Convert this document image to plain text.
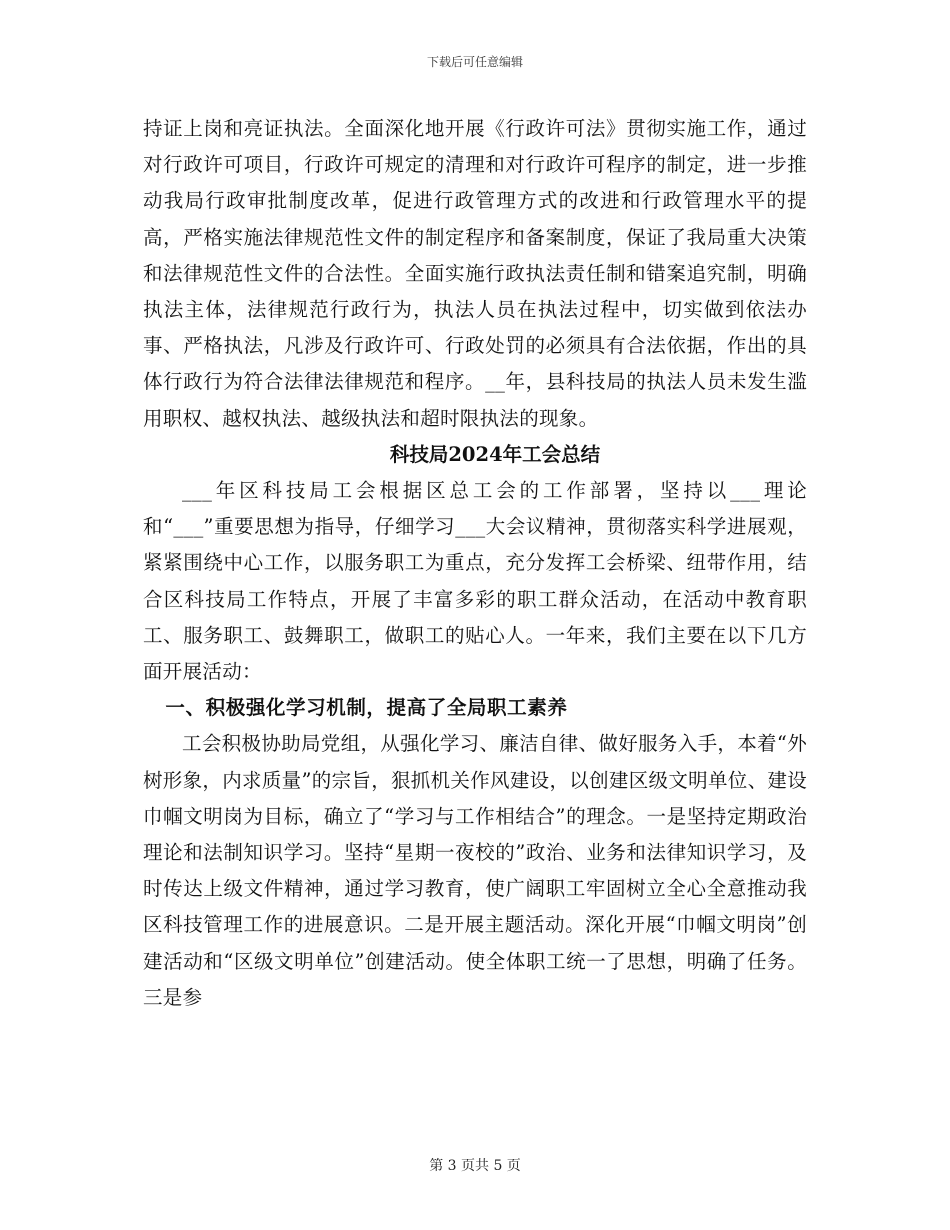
下载后可任意编辑

持证上岗和亮证执法。全面深化地开展《行政许可法》贯彻实施工作，通过对行政许可项目，行政许可规定的清理和对行政许可程序的制定，进一步推动我局行政审批制度改革，促进行政管理方式的改进和行政管理水平的提高，严格实施法律规范性文件的制定程序和备案制度，保证了我局重大决策和法律规范性文件的合法性。全面实施行政执法责任制和错案追究制，明确执法主体，法律规范行政行为，执法人员在执法过程中，切实做到依法办事、严格执法，凡涉及行政许可、行政处罚的必须具有合法依据，作出的具体行政行为符合法律法律规范和程序。__年，县科技局的执法人员未发生滥用职权、越权执法、越级执法和超时限执法的现象。

科技局2024年工会总结

___年区科技局工会根据区总工会的工作部署，坚持以___理论和“___”重要思想为指导，仔细学习___大会议精神，贯彻落实科学进展观，紧紧围绕中心工作，以服务职工为重点，充分发挥工会桥梁、纽带作用，结合区科技局工作特点，开展了丰富多彩的职工群众活动，在活动中教育职工、服务职工、鼓舞职工，做职工的贴心人。一年来，我们主要在以下几方面开展活动：

一、积极强化学习机制，提高了全局职工素养

工会积极协助局党组，从强化学习、廉洁自律、做好服务入手，本着“外树形象，内求质量”的宗旨，狠抓机关作风建设，以创建区级文明单位、建设巾帼文明岗为目标，确立了“学习与工作相结合”的理念。一是坚持定期政治理论和法制知识学习。坚持“星期一夜校的”政治、业务和法律知识学习，及时传达上级文件精神，通过学习教育，使广阔职工牢固树立全心全意推动我区科技管理工作的进展意识。二是开展主题活动。深化开展“巾帼文明岗”创建活动和“区级文明单位”创建活动。使全体职工统一了思想，明确了任务。三是参

第 3 页共 5 页
